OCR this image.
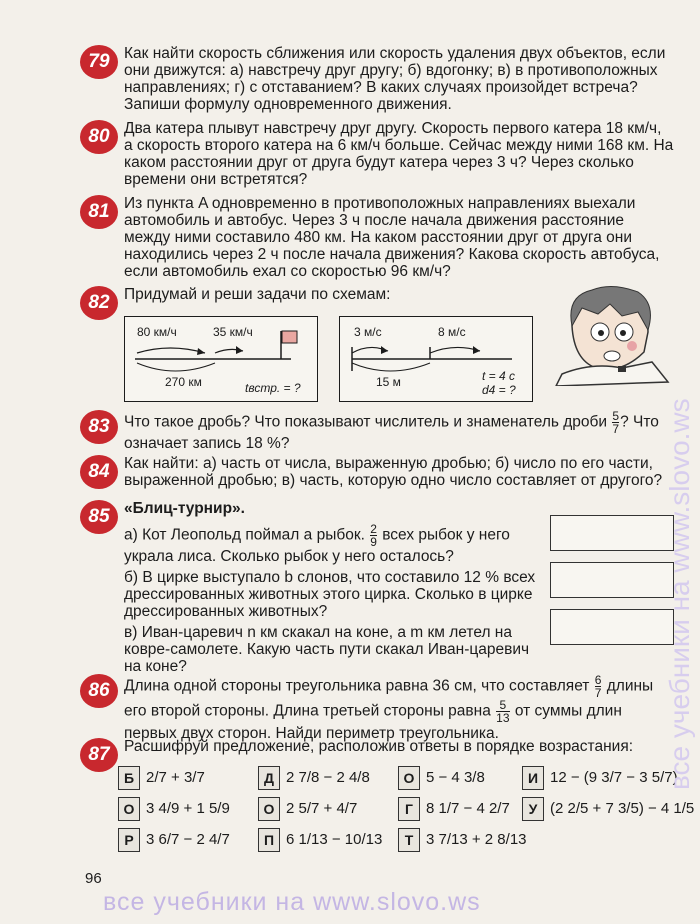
79 Как найти скорость сближения или скорость удаления двух объектов, если они движутся: а) навстречу друг другу; б) вдогонку; в) в противоположных направлениях; г) с отставанием? В каких случаях произойдет встреча? Запиши формулу одновременного движения.
80 Два катера плывут навстречу друг другу. Скорость первого катера 18 км/ч, а скорость второго катера на 6 км/ч больше. Сейчас между ними 168 км. На каком расстоянии друг от друга будут катера через 3 ч? Через сколько времени они встретятся?
81 Из пункта A одновременно в противоположных направлениях выехали автомобиль и автобус. Через 3 ч после начала движения расстояние между ними составило 480 км. На каком расстоянии друг от друга они находились через 2 ч после начала движения? Какова скорость автобуса, если автомобиль ехал со скоростью 96 км/ч?
82 Придумай и реши задачи по схемам:
80 км/ч	35 км/ч
270 км	tвстр. = ?
3 м/с	8 м/с
15 м	t = 4 с
d4 = ?
83 Что такое дробь? Что показывают числитель и знаменатель дроби $\frac{5}{7}$ ? Что означает запись 18 %?
84 Как найти: а) часть от числа, выраженную дробью; б) число по его части, выраженной дробью; в) часть, которую одно число составляет от другого?
85 «Блиц-турнир».
а) Кот Леопольд поймал a рыбок. $\frac{2}{9}$ всех рыбок у него украла лиса. Сколько рыбок у него осталось?
б) В цирке выступало b слонов, что составило 12 % всех дрессированных животных этого цирка. Сколько в цирке дрессированных животных?
в) Иван-царевич n км скакал на коне, а m км летел на ковре-самолете. Какую часть пути скакал Иван-царевич на коне?
86 Длина одной стороны треугольника равна 36 см, что составляет $\frac{6}{7}$ длины его второй стороны. Длина третьей стороны равна $\frac{5}{13}$ от суммы длин первых двух сторон. Найди периметр треугольника.
87 Расшифруй предложение, расположив ответы в порядке возрастания:
Б 2/7 + 3/7	Д 2 7/8 − 2 4/8	О 5 − 4 3/8	И 12 − (9 3/7 − 3 5/7)
О 3 4/9 + 1 5/9	О 2 5/7 + 4/7	Г 8 1/7 − 4 2/7	У (2 2/5 + 7 3/5) − 4 1/5
Р 3 6/7 − 2 4/7	П 6 1/13 − 10/13	Т 3 7/13 + 2 8/13
96
все учебники на www.slovo.ws
все учебники на www.slovo.ws
